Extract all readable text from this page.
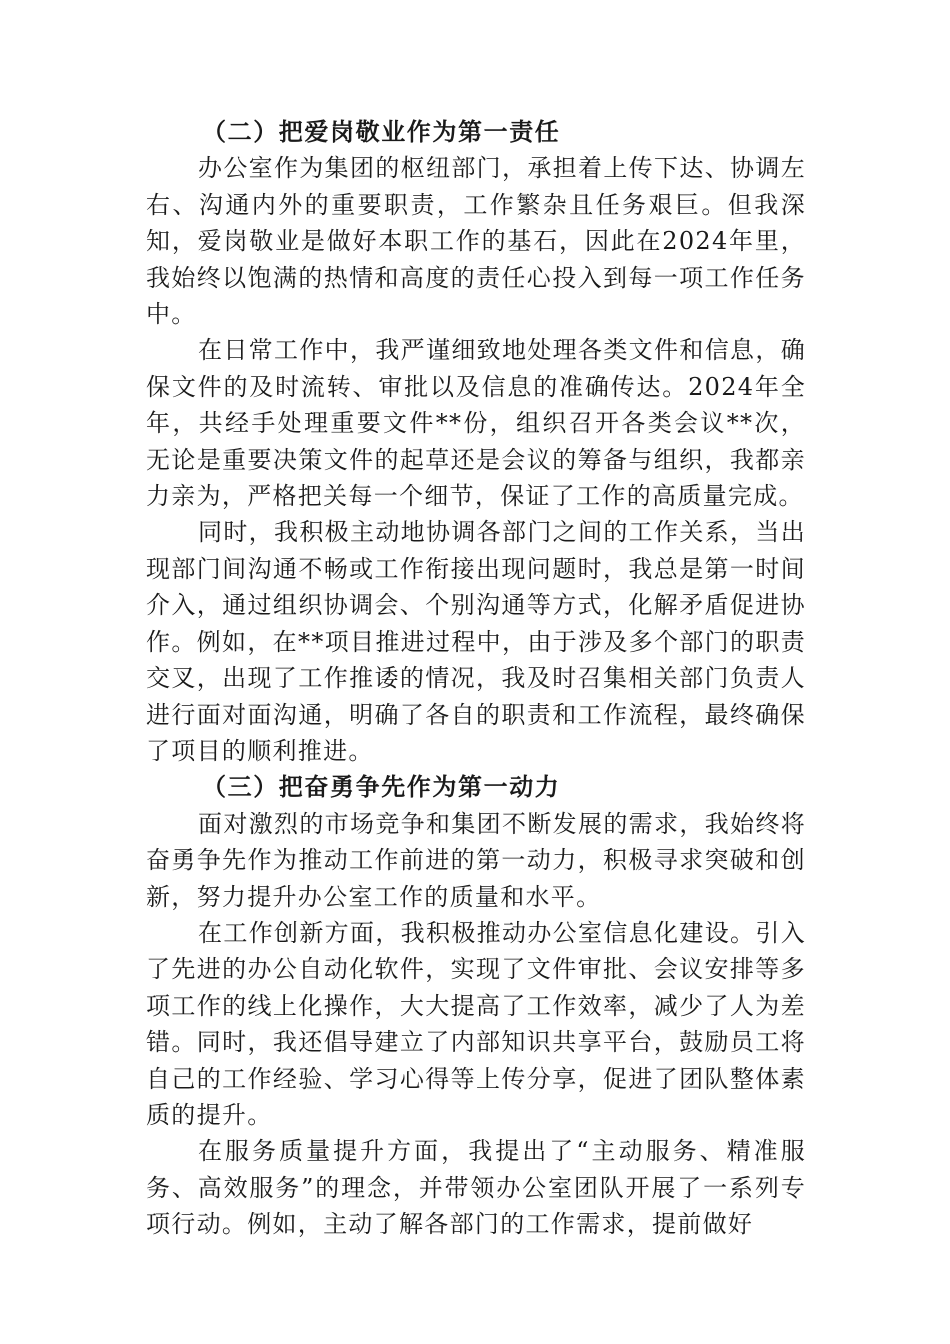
（二）把爱岗敬业作为第一责任

办公室作为集团的枢纽部门，承担着上传下达、协调左右、沟通内外的重要职责，工作繁杂且任务艰巨。但我深知，爱岗敬业是做好本职工作的基石，因此在2024年里，我始终以饱满的热情和高度的责任心投入到每一项工作任务中。

在日常工作中，我严谨细致地处理各类文件和信息，确保文件的及时流转、审批以及信息的准确传达。2024年全年，共经手处理重要文件**份，组织召开各类会议**次，无论是重要决策文件的起草还是会议的筹备与组织，我都亲力亲为，严格把关每一个细节，保证了工作的高质量完成。

同时，我积极主动地协调各部门之间的工作关系，当出现部门间沟通不畅或工作衔接出现问题时，我总是第一时间介入，通过组织协调会、个别沟通等方式，化解矛盾促进协作。例如，在**项目推进过程中，由于涉及多个部门的职责交叉，出现了工作推诿的情况，我及时召集相关部门负责人进行面对面沟通，明确了各自的职责和工作流程，最终确保了项目的顺利推进。

（三）把奋勇争先作为第一动力

面对激烈的市场竞争和集团不断发展的需求，我始终将奋勇争先作为推动工作前进的第一动力，积极寻求突破和创新，努力提升办公室工作的质量和水平。

在工作创新方面，我积极推动办公室信息化建设。引入了先进的办公自动化软件，实现了文件审批、会议安排等多项工作的线上化操作，大大提高了工作效率，减少了人为差错。同时，我还倡导建立了内部知识共享平台，鼓励员工将自己的工作经验、学习心得等上传分享，促进了团队整体素质的提升。

在服务质量提升方面，我提出了“主动服务、精准服务、高效服务”的理念，并带领办公室团队开展了一系列专项行动。例如，主动了解各部门的工作需求，提前做好
